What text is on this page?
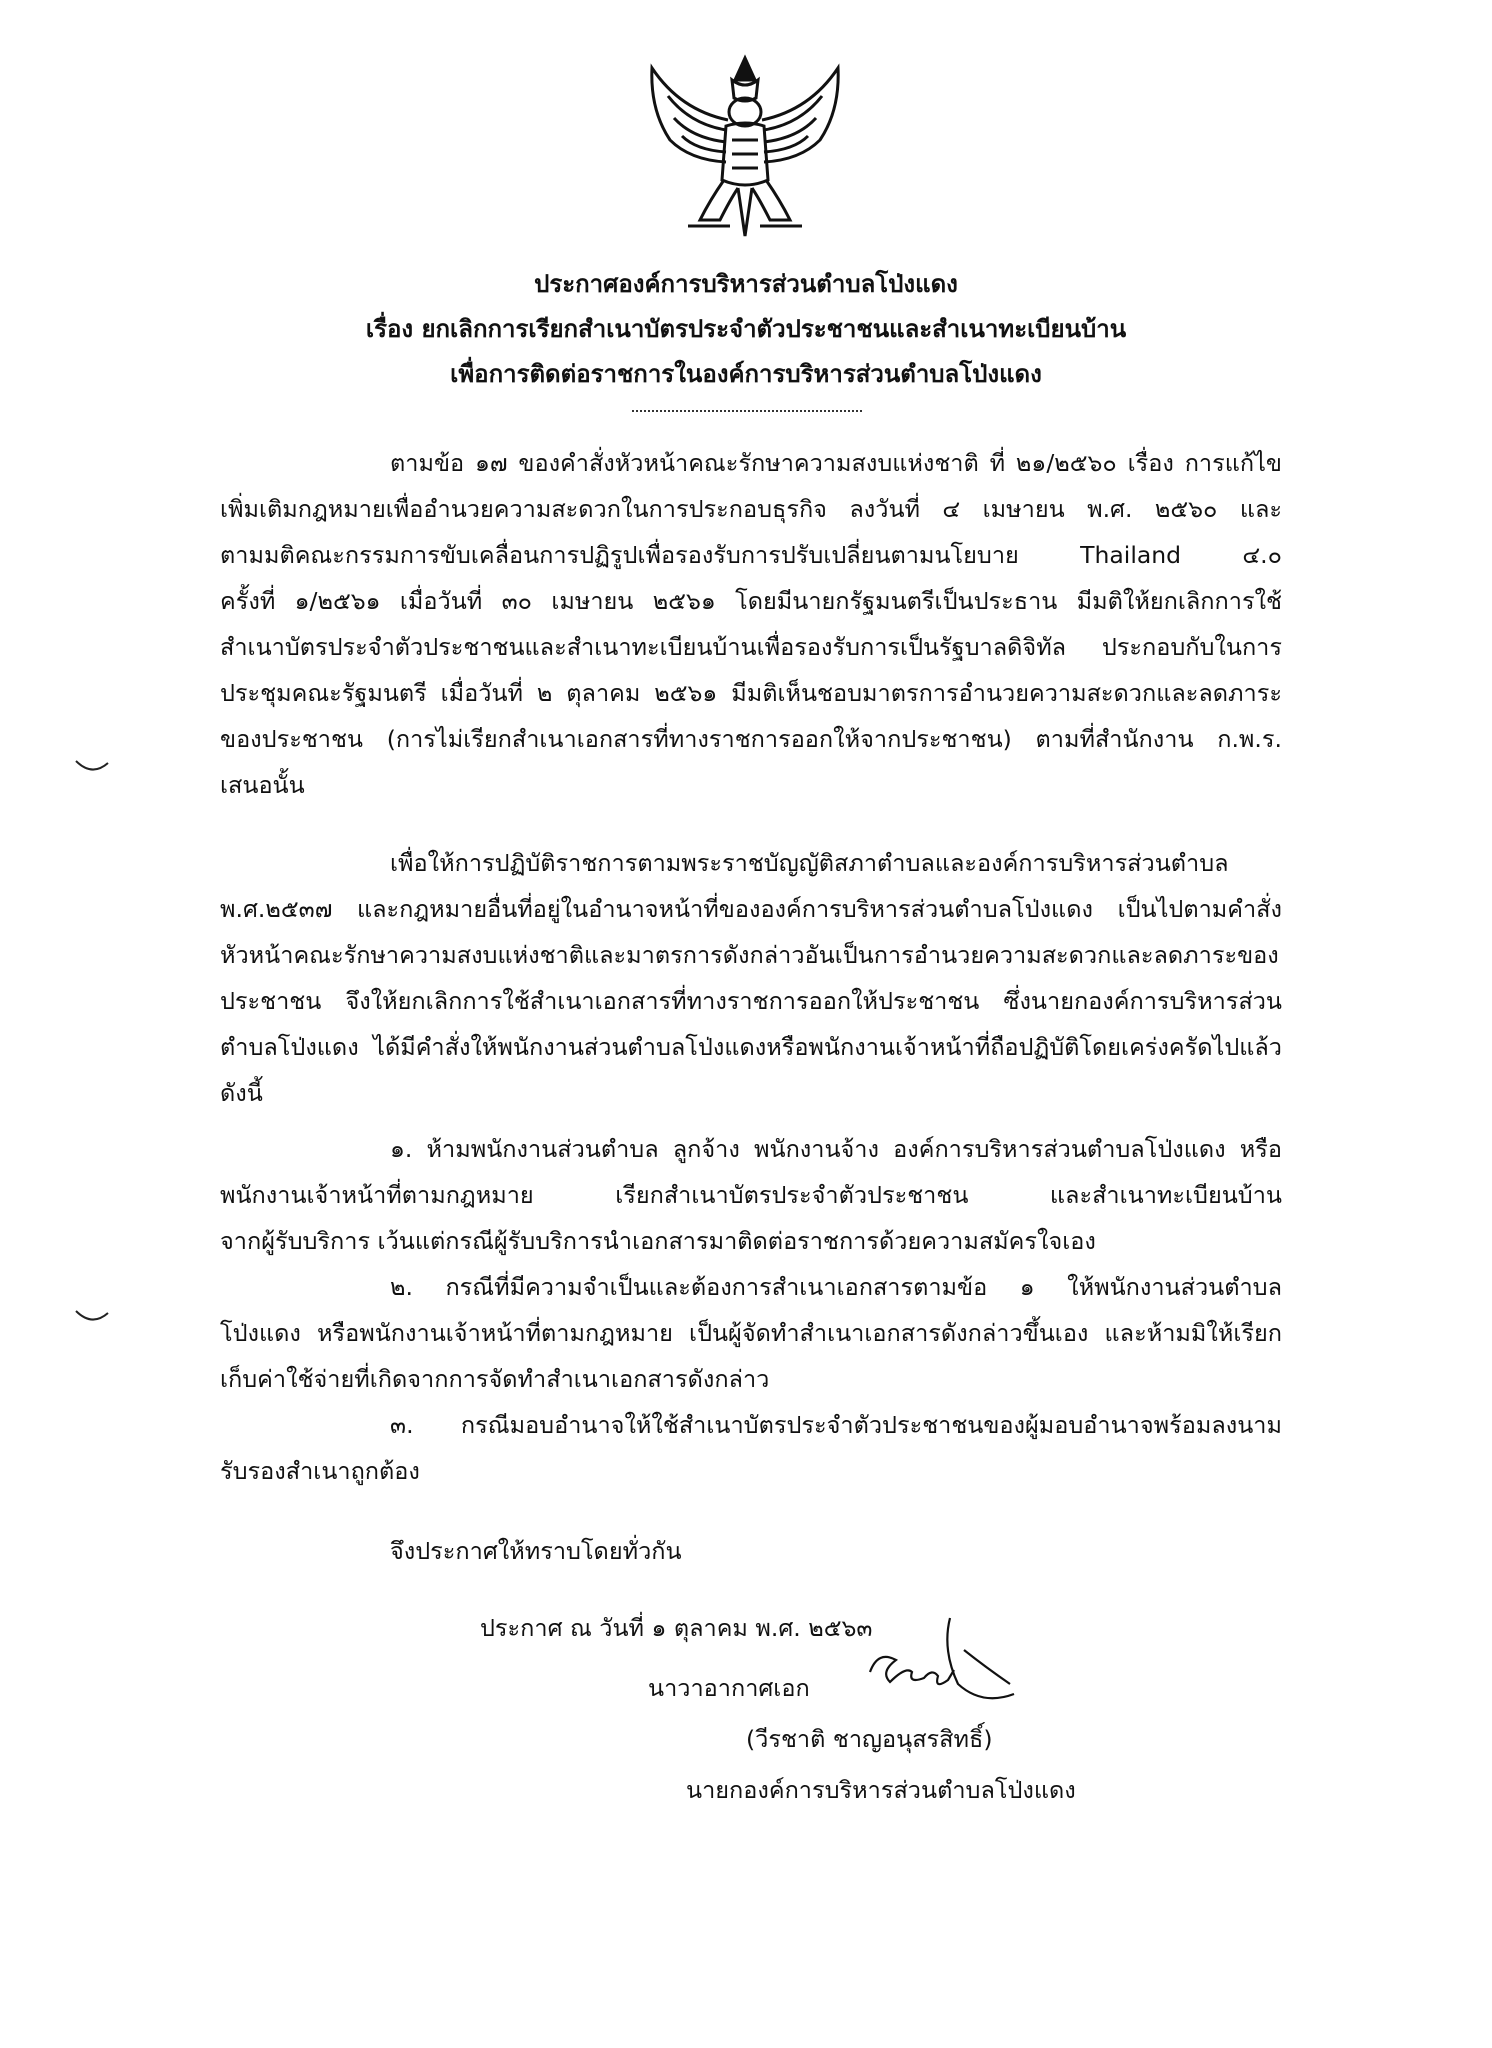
ประกาศองค์การบริหารส่วนตำบลโป่งแดง
เรื่อง ยกเลิกการเรียกสำเนาบัตรประจำตัวประชาชนและสำเนาทะเบียนบ้าน
เพื่อการติดต่อราชการในองค์การบริหารส่วนตำบลโป่งแดง
ตามข้อ ๑๗ ของคำสั่งหัวหน้าคณะรักษาความสงบแห่งชาติ ที่ ๒๑/๒๕๖๐ เรื่อง การแก้ไข
เพิ่มเติมกฎหมายเพื่ออำนวยความสะดวกในการประกอบธุรกิจ ลงวันที่ ๔ เมษายน พ.ศ. ๒๕๖๐ และ
ตามมติคณะกรรมการขับเคลื่อนการปฏิรูปเพื่อรองรับการปรับเปลี่ยนตามนโยบาย Thailand ๔.๐
ครั้งที่ ๑/๒๕๖๑ เมื่อวันที่ ๓๐ เมษายน ๒๕๖๑ โดยมีนายกรัฐมนตรีเป็นประธาน มีมติให้ยกเลิกการใช้
สำเนาบัตรประจำตัวประชาชนและสำเนาทะเบียนบ้านเพื่อรองรับการเป็นรัฐบาลดิจิทัล ประกอบกับในการ
ประชุมคณะรัฐมนตรี เมื่อวันที่ ๒ ตุลาคม ๒๕๖๑ มีมติเห็นชอบมาตรการอำนวยความสะดวกและลดภาระ
ของประชาชน (การไม่เรียกสำเนาเอกสารที่ทางราชการออกให้จากประชาชน) ตามที่สำนักงาน ก.พ.ร.
เสนอนั้น
เพื่อให้การปฏิบัติราชการตามพระราชบัญญัติสภาตำบลและองค์การบริหารส่วนตำบล
พ.ศ.๒๕๓๗ และกฎหมายอื่นที่อยู่ในอำนาจหน้าที่ขององค์การบริหารส่วนตำบลโป่งแดง เป็นไปตามคำสั่ง
หัวหน้าคณะรักษาความสงบแห่งชาติและมาตรการดังกล่าวอันเป็นการอำนวยความสะดวกและลดภาระของ
ประชาชน จึงให้ยกเลิกการใช้สำเนาเอกสารที่ทางราชการออกให้ประชาชน ซึ่งนายกองค์การบริหารส่วน
ตำบลโป่งแดง ได้มีคำสั่งให้พนักงานส่วนตำบลโป่งแดงหรือพนักงานเจ้าหน้าที่ถือปฏิบัติโดยเคร่งครัดไปแล้ว
ดังนี้
๑. ห้ามพนักงานส่วนตำบล ลูกจ้าง พนักงานจ้าง องค์การบริหารส่วนตำบลโป่งแดง หรือ
พนักงานเจ้าหน้าที่ตามกฎหมาย เรียกสำเนาบัตรประจำตัวประชาชน และสำเนาทะเบียนบ้าน
จากผู้รับบริการ เว้นแต่กรณีผู้รับบริการนำเอกสารมาติดต่อราชการด้วยความสมัครใจเอง
๒. กรณีที่มีความจำเป็นและต้องการสำเนาเอกสารตามข้อ ๑ ให้พนักงานส่วนตำบล
โป่งแดง หรือพนักงานเจ้าหน้าที่ตามกฎหมาย เป็นผู้จัดทำสำเนาเอกสารดังกล่าวขึ้นเอง และห้ามมิให้เรียก
เก็บค่าใช้จ่ายที่เกิดจากการจัดทำสำเนาเอกสารดังกล่าว
๓. กรณีมอบอำนาจให้ใช้สำเนาบัตรประจำตัวประชาชนของผู้มอบอำนาจพร้อมลงนาม
รับรองสำเนาถูกต้อง
จึงประกาศให้ทราบโดยทั่วกัน
ประกาศ ณ วันที่ ๑ ตุลาคม พ.ศ. ๒๕๖๓
นาวาอากาศเอก
(วีรชาติ ชาญอนุสรสิทธิ์)
นายกองค์การบริหารส่วนตำบลโป่งแดง
